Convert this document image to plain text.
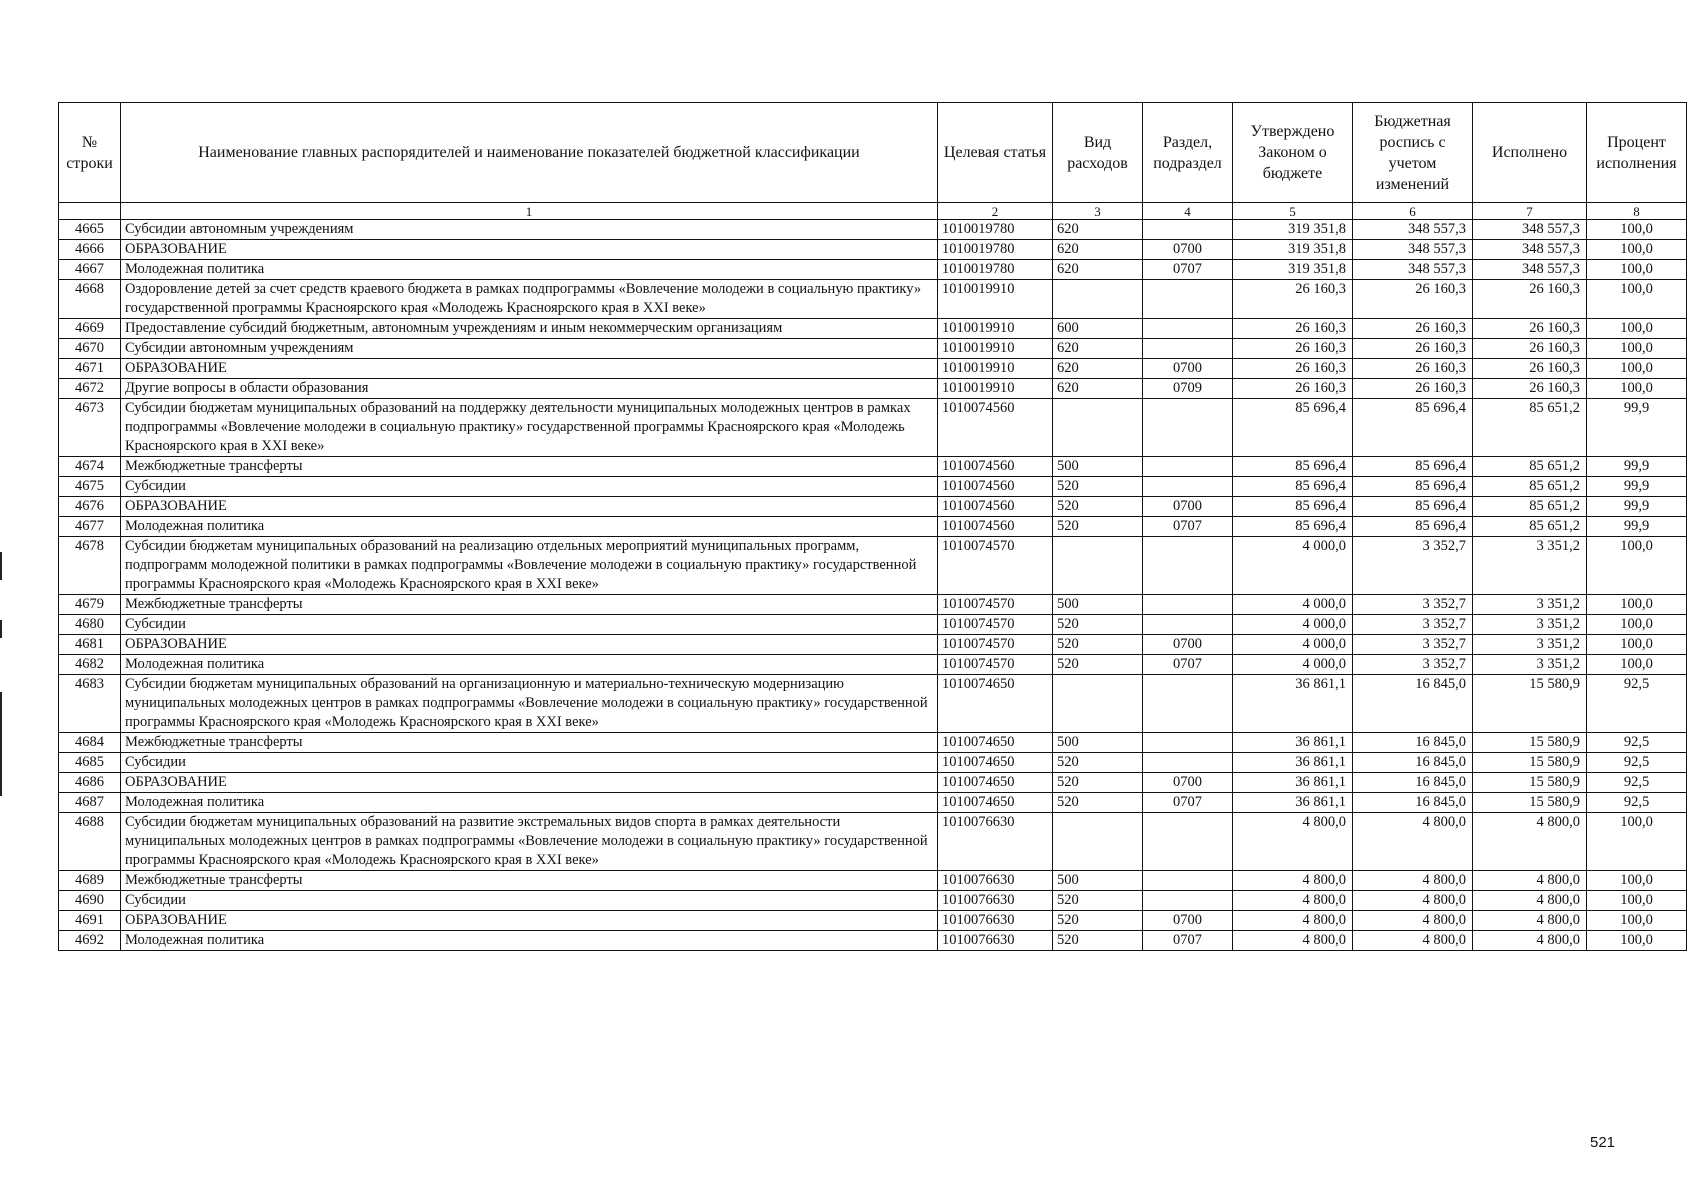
№ строки	Наименование главных распорядителей и наименование показателей бюджетной классификации	Целевая статья	Вид расходов	Раздел, подраздел	Утверждено Законом о бюджете	Бюджетная роспись с учетом изменений	Исполнено	Процент исполнения
	1	2	3	4	5	6	7	8
4665	Субсидии автономным учреждениям	1010019780	620		319 351,8	348 557,3	348 557,3	100,0
4666	ОБРАЗОВАНИЕ	1010019780	620	0700	319 351,8	348 557,3	348 557,3	100,0
4667	Молодежная политика	1010019780	620	0707	319 351,8	348 557,3	348 557,3	100,0
4668	Оздоровление детей за счет средств краевого бюджета в рамках подпрограммы «Вовлечение молодежи в социальную практику» государственной программы Красноярского края «Молодежь Красноярского края в XXI веке»	1010019910			26 160,3	26 160,3	26 160,3	100,0
4669	Предоставление субсидий бюджетным, автономным учреждениям и иным некоммерческим организациям	1010019910	600		26 160,3	26 160,3	26 160,3	100,0
4670	Субсидии автономным учреждениям	1010019910	620		26 160,3	26 160,3	26 160,3	100,0
4671	ОБРАЗОВАНИЕ	1010019910	620	0700	26 160,3	26 160,3	26 160,3	100,0
4672	Другие вопросы в области образования	1010019910	620	0709	26 160,3	26 160,3	26 160,3	100,0
4673	Субсидии бюджетам муниципальных образований на поддержку деятельности муниципальных молодежных центров в рамках подпрограммы «Вовлечение молодежи в социальную практику» государственной программы Красноярского края «Молодежь Красноярского края в XXI веке»	1010074560			85 696,4	85 696,4	85 651,2	99,9
4674	Межбюджетные трансферты	1010074560	500		85 696,4	85 696,4	85 651,2	99,9
4675	Субсидии	1010074560	520		85 696,4	85 696,4	85 651,2	99,9
4676	ОБРАЗОВАНИЕ	1010074560	520	0700	85 696,4	85 696,4	85 651,2	99,9
4677	Молодежная политика	1010074560	520	0707	85 696,4	85 696,4	85 651,2	99,9
4678	Субсидии бюджетам муниципальных образований на реализацию отдельных мероприятий муниципальных программ, подпрограмм молодежной политики в рамках подпрограммы «Вовлечение молодежи в социальную практику» государственной программы Красноярского края «Молодежь Красноярского края в XXI веке»	1010074570			4 000,0	3 352,7	3 351,2	100,0
4679	Межбюджетные трансферты	1010074570	500		4 000,0	3 352,7	3 351,2	100,0
4680	Субсидии	1010074570	520		4 000,0	3 352,7	3 351,2	100,0
4681	ОБРАЗОВАНИЕ	1010074570	520	0700	4 000,0	3 352,7	3 351,2	100,0
4682	Молодежная политика	1010074570	520	0707	4 000,0	3 352,7	3 351,2	100,0
4683	Субсидии бюджетам муниципальных образований на организационную и материально-техническую модернизацию муниципальных молодежных центров в рамках подпрограммы «Вовлечение молодежи в социальную практику» государственной программы Красноярского края «Молодежь Красноярского края в XXI веке»	1010074650			36 861,1	16 845,0	15 580,9	92,5
4684	Межбюджетные трансферты	1010074650	500		36 861,1	16 845,0	15 580,9	92,5
4685	Субсидии	1010074650	520		36 861,1	16 845,0	15 580,9	92,5
4686	ОБРАЗОВАНИЕ	1010074650	520	0700	36 861,1	16 845,0	15 580,9	92,5
4687	Молодежная политика	1010074650	520	0707	36 861,1	16 845,0	15 580,9	92,5
4688	Субсидии бюджетам муниципальных образований на развитие экстремальных видов спорта в рамках деятельности муниципальных молодежных центров в рамках подпрограммы «Вовлечение молодежи в социальную практику» государственной программы Красноярского края «Молодежь Красноярского края в XXI веке»	1010076630			4 800,0	4 800,0	4 800,0	100,0
4689	Межбюджетные трансферты	1010076630	500		4 800,0	4 800,0	4 800,0	100,0
4690	Субсидии	1010076630	520		4 800,0	4 800,0	4 800,0	100,0
4691	ОБРАЗОВАНИЕ	1010076630	520	0700	4 800,0	4 800,0	4 800,0	100,0
4692	Молодежная политика	1010076630	520	0707	4 800,0	4 800,0	4 800,0	100,0
521
